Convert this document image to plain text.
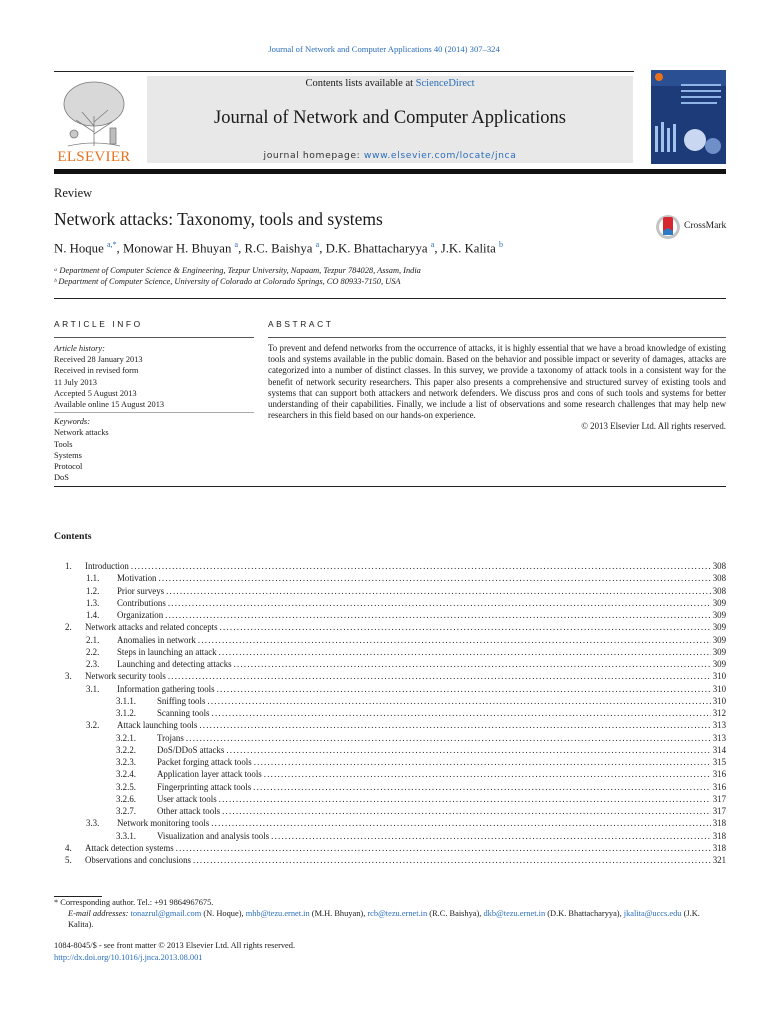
Journal of Network and Computer Applications 40 (2014) 307–324
ELSEVIER
Contents lists available at ScienceDirect
Journal of Network and Computer Applications
journal homepage: www.elsevier.com/locate/jnca
Review
Network attacks: Taxonomy, tools and systems	CrossMark
N. Hoque $^{a,*}$, Monowar H. Bhuyan $^a$, R.C. Baishya $^a$, D.K. Bhattacharyya $^a$, J.K. Kalita $^b$
ᵃ Department of Computer Science & Engineering, Tezpur University, Napaam, Tezpur 784028, Assam, India
ᵇ Department of Computer Science, University of Colorado at Colorado Springs, CO 80933-7150, USA
ARTICLE INFO	ABSTRACT
Article history:
Received 28 January 2013
Received in revised form
11 July 2013
Accepted 5 August 2013
Available online 15 August 2013
Keywords:
Network attacks
Tools
Systems
Protocol
DoS
To prevent and defend networks from the occurrence of attacks, it is highly essential that we have a broad knowledge of existing tools and systems available in the public domain. Based on the behavior and possible impact or severity of damages, attacks are categorized into a number of distinct classes. In this survey, we provide a taxonomy of attack tools in a consistent way for the benefit of network security researchers. This paper also presents a comprehensive and structured survey of existing tools and systems that can support both attackers and network defenders. We discuss pros and cons of such tools and systems for better understanding of their capabilities. Finally, we include a list of observations and some research challenges that may help new researchers in this field based on our hands-on experience.
© 2013 Elsevier Ltd. All rights reserved.
Contents
1. Introduction . . .	308
1.1. Motivation . . .	308
1.2. Prior surveys . . .	308
1.3. Contributions . . .	309
1.4. Organization . . .	309
2. Network attacks and related concepts . . .	309
2.1. Anomalies in network . . .	309
2.2. Steps in launching an attack . . .	309
2.3. Launching and detecting attacks . . .	309
3. Network security tools . . .	310
3.1. Information gathering tools . . .	310
3.1.1. Sniffing tools . . .	310
3.1.2. Scanning tools . . .	312
3.2. Attack launching tools . . .	313
3.2.1. Trojans . . .	313
3.2.2. DoS/DDoS attacks . . .	314
3.2.3. Packet forging attack tools . . .	315
3.2.4. Application layer attack tools . . .	316
3.2.5. Fingerprinting attack tools . . .	316
3.2.6. User attack tools . . .	317
3.2.7. Other attack tools . . .	317
3.3. Network monitoring tools . . .	318
3.3.1. Visualization and analysis tools . . .	318
4. Attack detection systems . . .	318
5. Observations and conclusions . . .	321
* Corresponding author. Tel.: +91 9864967675.
E-mail addresses: tonazrul@gmail.com (N. Hoque), mhb@tezu.ernet.in (M.H. Bhuyan), rcb@tezu.ernet.in (R.C. Baishya), dkb@tezu.ernet.in (D.K. Bhattacharyya), jkalita@uccs.edu (J.K. Kalita).
1084-8045/$ - see front matter © 2013 Elsevier Ltd. All rights reserved.
http://dx.doi.org/10.1016/j.jnca.2013.08.001
